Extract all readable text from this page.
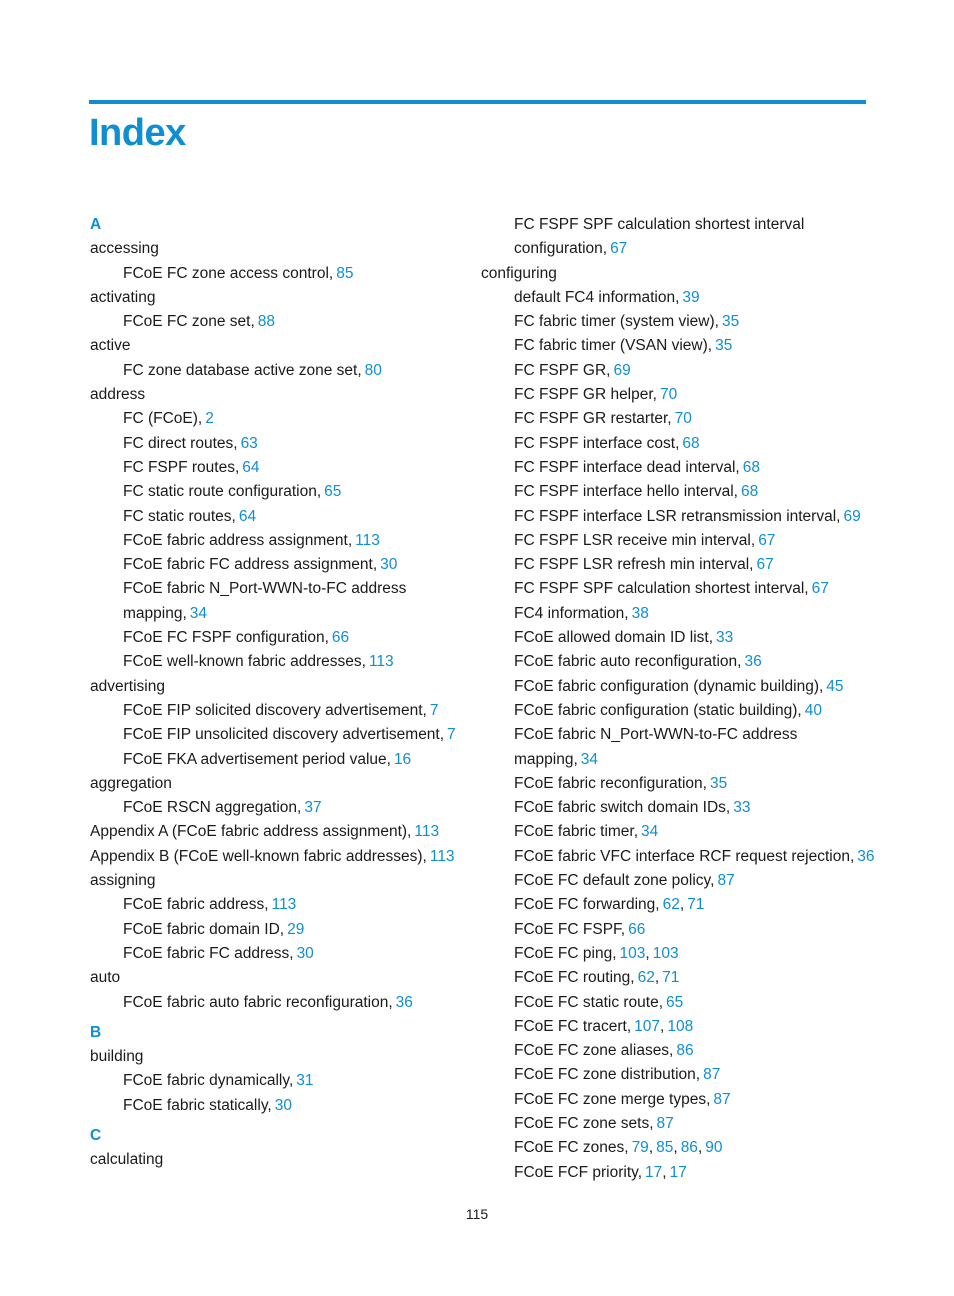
Index
A
accessing
FCoE FC zone access control, 85
activating
FCoE FC zone set, 88
active
FC zone database active zone set, 80
address
FC (FCoE), 2
FC direct routes, 63
FC FSPF routes, 64
FC static route configuration, 65
FC static routes, 64
FCoE fabric address assignment, 113
FCoE fabric FC address assignment, 30
FCoE fabric N_Port-WWN-to-FC address
mapping, 34
FCoE FC FSPF configuration, 66
FCoE well-known fabric addresses, 113
advertising
FCoE FIP solicited discovery advertisement, 7
FCoE FIP unsolicited discovery advertisement, 7
FCoE FKA advertisement period value, 16
aggregation
FCoE RSCN aggregation, 37
Appendix A (FCoE fabric address assignment), 113
Appendix B (FCoE well-known fabric addresses), 113
assigning
FCoE fabric address, 113
FCoE fabric domain ID, 29
FCoE fabric FC address, 30
auto
FCoE fabric auto fabric reconfiguration, 36
B
building
FCoE fabric dynamically, 31
FCoE fabric statically, 30
C
calculating
FC FSPF SPF calculation shortest interval
configuration, 67
configuring
default FC4 information, 39
FC fabric timer (system view), 35
FC fabric timer (VSAN view), 35
FC FSPF GR, 69
FC FSPF GR helper, 70
FC FSPF GR restarter, 70
FC FSPF interface cost, 68
FC FSPF interface dead interval, 68
FC FSPF interface hello interval, 68
FC FSPF interface LSR retransmission interval, 69
FC FSPF LSR receive min interval, 67
FC FSPF LSR refresh min interval, 67
FC FSPF SPF calculation shortest interval, 67
FC4 information, 38
FCoE allowed domain ID list, 33
FCoE fabric auto reconfiguration, 36
FCoE fabric configuration (dynamic building), 45
FCoE fabric configuration (static building), 40
FCoE fabric N_Port-WWN-to-FC address
mapping, 34
FCoE fabric reconfiguration, 35
FCoE fabric switch domain IDs, 33
FCoE fabric timer, 34
FCoE fabric VFC interface RCF request rejection, 36
FCoE FC default zone policy, 87
FCoE FC forwarding, 62, 71
FCoE FC FSPF, 66
FCoE FC ping, 103, 103
FCoE FC routing, 62, 71
FCoE FC static route, 65
FCoE FC tracert, 107, 108
FCoE FC zone aliases, 86
FCoE FC zone distribution, 87
FCoE FC zone merge types, 87
FCoE FC zone sets, 87
FCoE FC zones, 79, 85, 86, 90
FCoE FCF priority, 17, 17
115
